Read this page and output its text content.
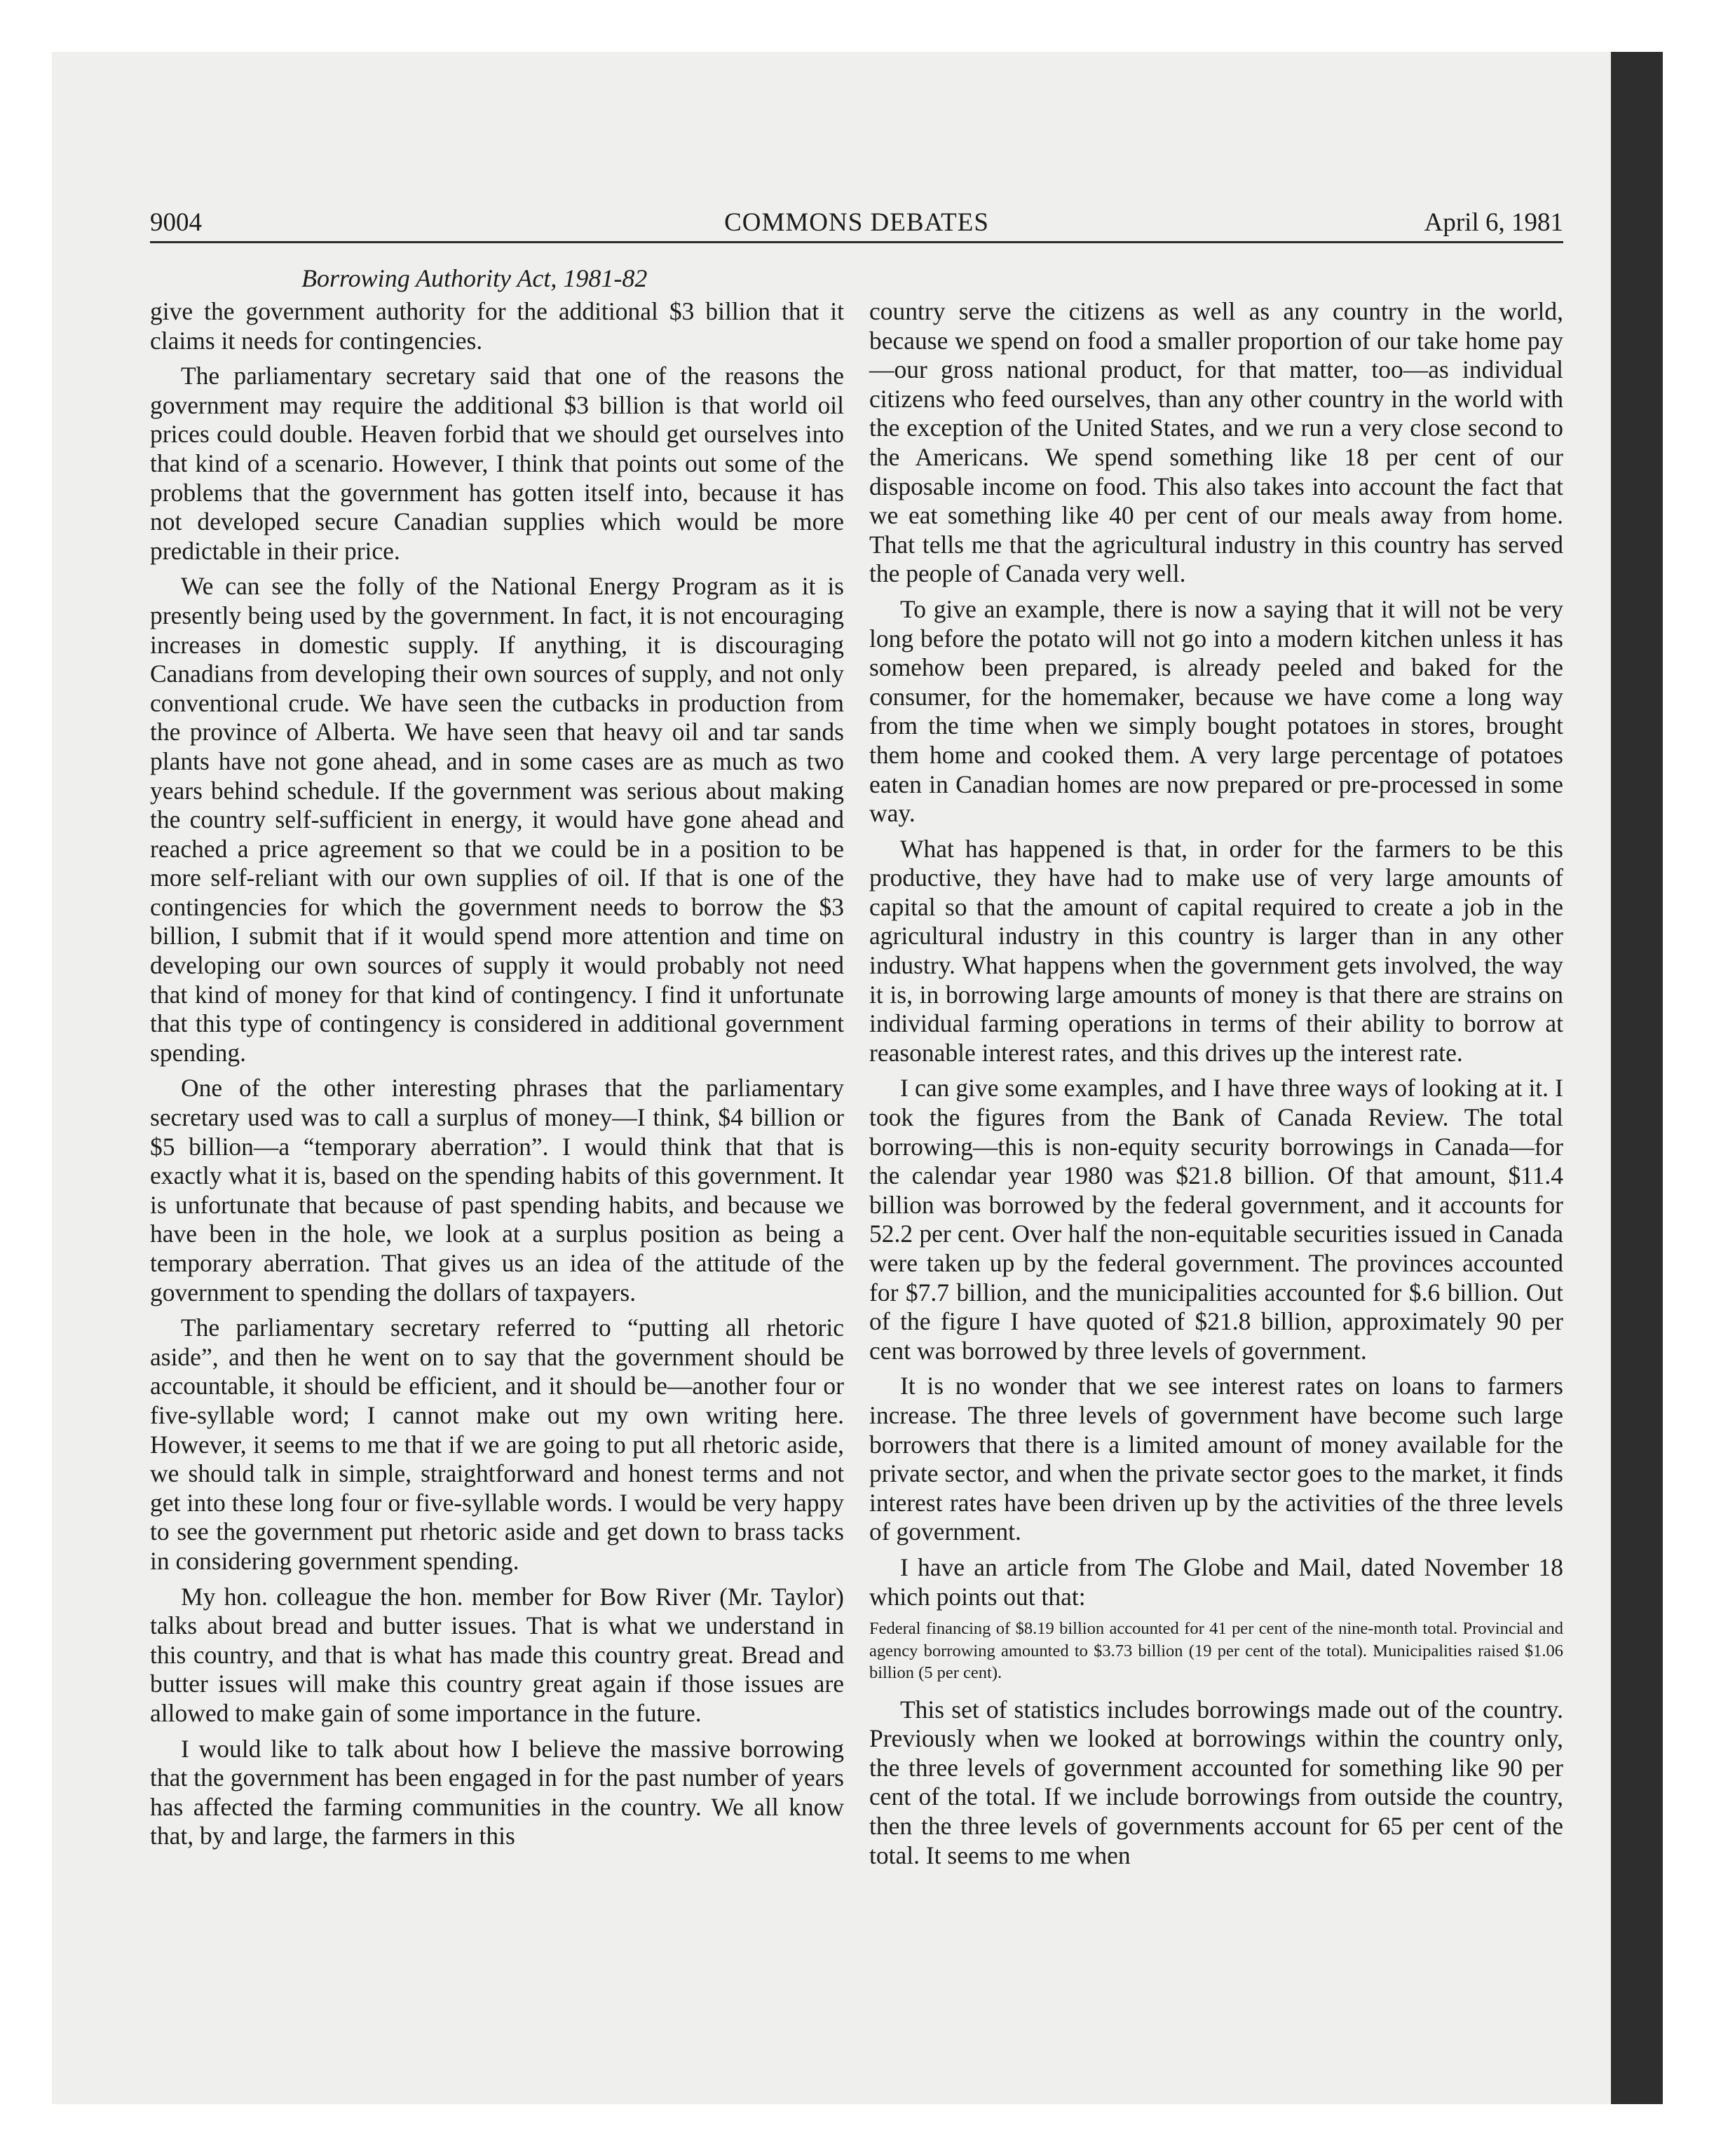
9004	COMMONS DEBATES	April 6, 1981
Borrowing Authority Act, 1981-82

give the government authority for the additional $3 billion that it claims it needs for contingencies.

The parliamentary secretary said that one of the reasons the government may require the additional $3 billion is that world oil prices could double. Heaven forbid that we should get ourselves into that kind of a scenario. However, I think that points out some of the problems that the government has gotten itself into, because it has not developed secure Canadian supplies which would be more predictable in their price.

We can see the folly of the National Energy Program as it is presently being used by the government. In fact, it is not encouraging increases in domestic supply. If anything, it is discouraging Canadians from developing their own sources of supply, and not only conventional crude. We have seen the cutbacks in production from the province of Alberta. We have seen that heavy oil and tar sands plants have not gone ahead, and in some cases are as much as two years behind schedule. If the government was serious about making the country self-sufficient in energy, it would have gone ahead and reached a price agreement so that we could be in a position to be more self-reliant with our own supplies of oil. If that is one of the contingencies for which the government needs to borrow the $3 billion, I submit that if it would spend more attention and time on developing our own sources of supply it would probably not need that kind of money for that kind of contingency. I find it unfortunate that this type of contingency is considered in additional government spending.

One of the other interesting phrases that the parliamentary secretary used was to call a surplus of money—I think, $4 billion or $5 billion—a “temporary aberration”. I would think that that is exactly what it is, based on the spending habits of this government. It is unfortunate that because of past spending habits, and because we have been in the hole, we look at a surplus position as being a temporary aberration. That gives us an idea of the attitude of the government to spending the dollars of taxpayers.

The parliamentary secretary referred to “putting all rhetoric aside”, and then he went on to say that the government should be accountable, it should be efficient, and it should be—another four or five-syllable word; I cannot make out my own writing here. However, it seems to me that if we are going to put all rhetoric aside, we should talk in simple, straightforward and honest terms and not get into these long four or five-syllable words. I would be very happy to see the government put rhetoric aside and get down to brass tacks in considering government spending.

My hon. colleague the hon. member for Bow River (Mr. Taylor) talks about bread and butter issues. That is what we understand in this country, and that is what has made this country great. Bread and butter issues will make this country great again if those issues are allowed to make gain of some importance in the future.

I would like to talk about how I believe the massive borrowing that the government has been engaged in for the past number of years has affected the farming communities in the country. We all know that, by and large, the farmers in this

country serve the citizens as well as any country in the world, because we spend on food a smaller proportion of our take home pay—our gross national product, for that matter, too—as individual citizens who feed ourselves, than any other country in the world with the exception of the United States, and we run a very close second to the Americans. We spend something like 18 per cent of our disposable income on food. This also takes into account the fact that we eat something like 40 per cent of our meals away from home. That tells me that the agricultural industry in this country has served the people of Canada very well.

To give an example, there is now a saying that it will not be very long before the potato will not go into a modern kitchen unless it has somehow been prepared, is already peeled and baked for the consumer, for the homemaker, because we have come a long way from the time when we simply bought potatoes in stores, brought them home and cooked them. A very large percentage of potatoes eaten in Canadian homes are now prepared or pre-processed in some way.

What has happened is that, in order for the farmers to be this productive, they have had to make use of very large amounts of capital so that the amount of capital required to create a job in the agricultural industry in this country is larger than in any other industry. What happens when the government gets involved, the way it is, in borrowing large amounts of money is that there are strains on individual farming operations in terms of their ability to borrow at reasonable interest rates, and this drives up the interest rate.

I can give some examples, and I have three ways of looking at it. I took the figures from the Bank of Canada Review. The total borrowing—this is non-equity security borrowings in Canada—for the calendar year 1980 was $21.8 billion. Of that amount, $11.4 billion was borrowed by the federal government, and it accounts for 52.2 per cent. Over half the non-equitable securities issued in Canada were taken up by the federal government. The provinces accounted for $7.7 billion, and the municipalities accounted for $.6 billion. Out of the figure I have quoted of $21.8 billion, approximately 90 per cent was borrowed by three levels of government.

It is no wonder that we see interest rates on loans to farmers increase. The three levels of government have become such large borrowers that there is a limited amount of money available for the private sector, and when the private sector goes to the market, it finds interest rates have been driven up by the activities of the three levels of government.

I have an article from The Globe and Mail, dated November 18 which points out that:

Federal financing of $8.19 billion accounted for 41 per cent of the nine-month total. Provincial and agency borrowing amounted to $3.73 billion (19 per cent of the total). Municipalities raised $1.06 billion (5 per cent).

This set of statistics includes borrowings made out of the country. Previously when we looked at borrowings within the country only, the three levels of government accounted for something like 90 per cent of the total. If we include borrowings from outside the country, then the three levels of governments account for 65 per cent of the total. It seems to me when
